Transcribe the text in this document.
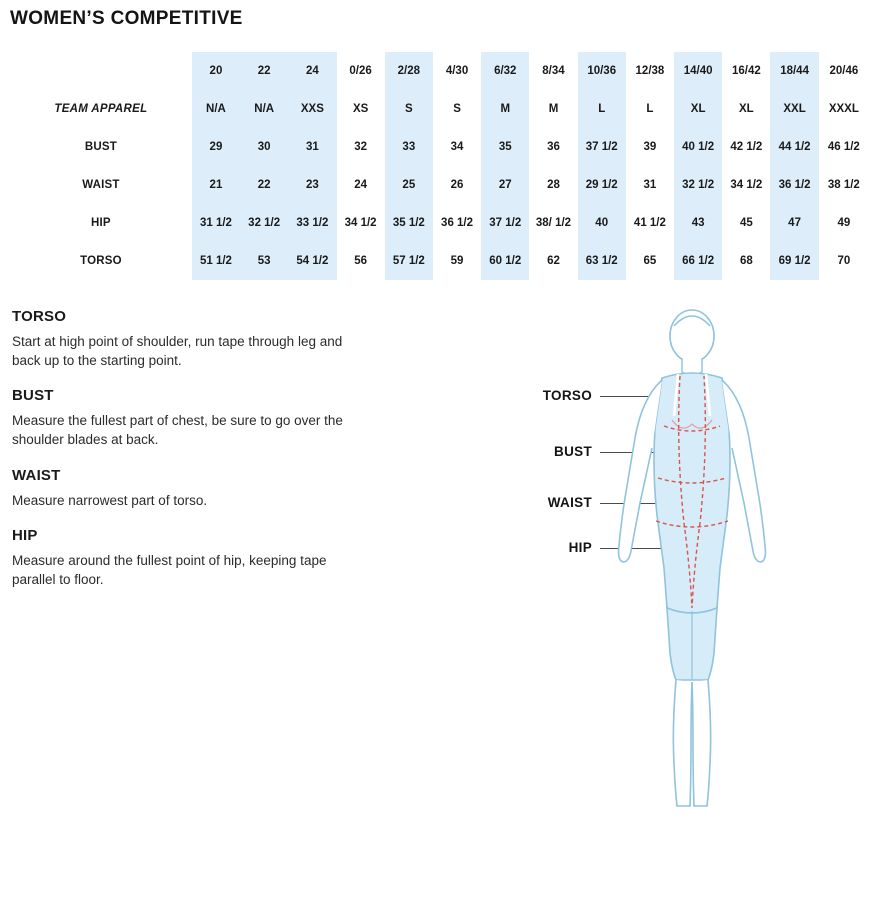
WOMEN’S COMPETITIVE
	20	22	24	0/26	2/28	4/30	6/32	8/34	10/36	12/38	14/40	16/42	18/44	20/46
TEAM APPAREL	N/A	N/A	XXS	XS	S	S	M	M	L	L	XL	XL	XXL	XXXL
BUST	29	30	31	32	33	34	35	36	37 1/2	39	40 1/2	42 1/2	44 1/2	46 1/2
WAIST	21	22	23	24	25	26	27	28	29 1/2	31	32 1/2	34 1/2	36 1/2	38 1/2
HIP	31 1/2	32 1/2	33 1/2	34 1/2	35 1/2	36 1/2	37 1/2	38/ 1/2	40	41 1/2	43	45	47	49
TORSO	51 1/2	53	54 1/2	56	57 1/2	59	60 1/2	62	63 1/2	65	66 1/2	68	69 1/2	70
TORSO
Start at high point of shoulder, run tape through leg and back up to the starting point.
BUST
Measure the fullest part of chest, be sure to go over the shoulder blades at back.
WAIST
Measure narrowest part of torso.
HIP
Measure around the fullest point of hip, keeping tape parallel to floor.
TORSO
BUST
WAIST
HIP
